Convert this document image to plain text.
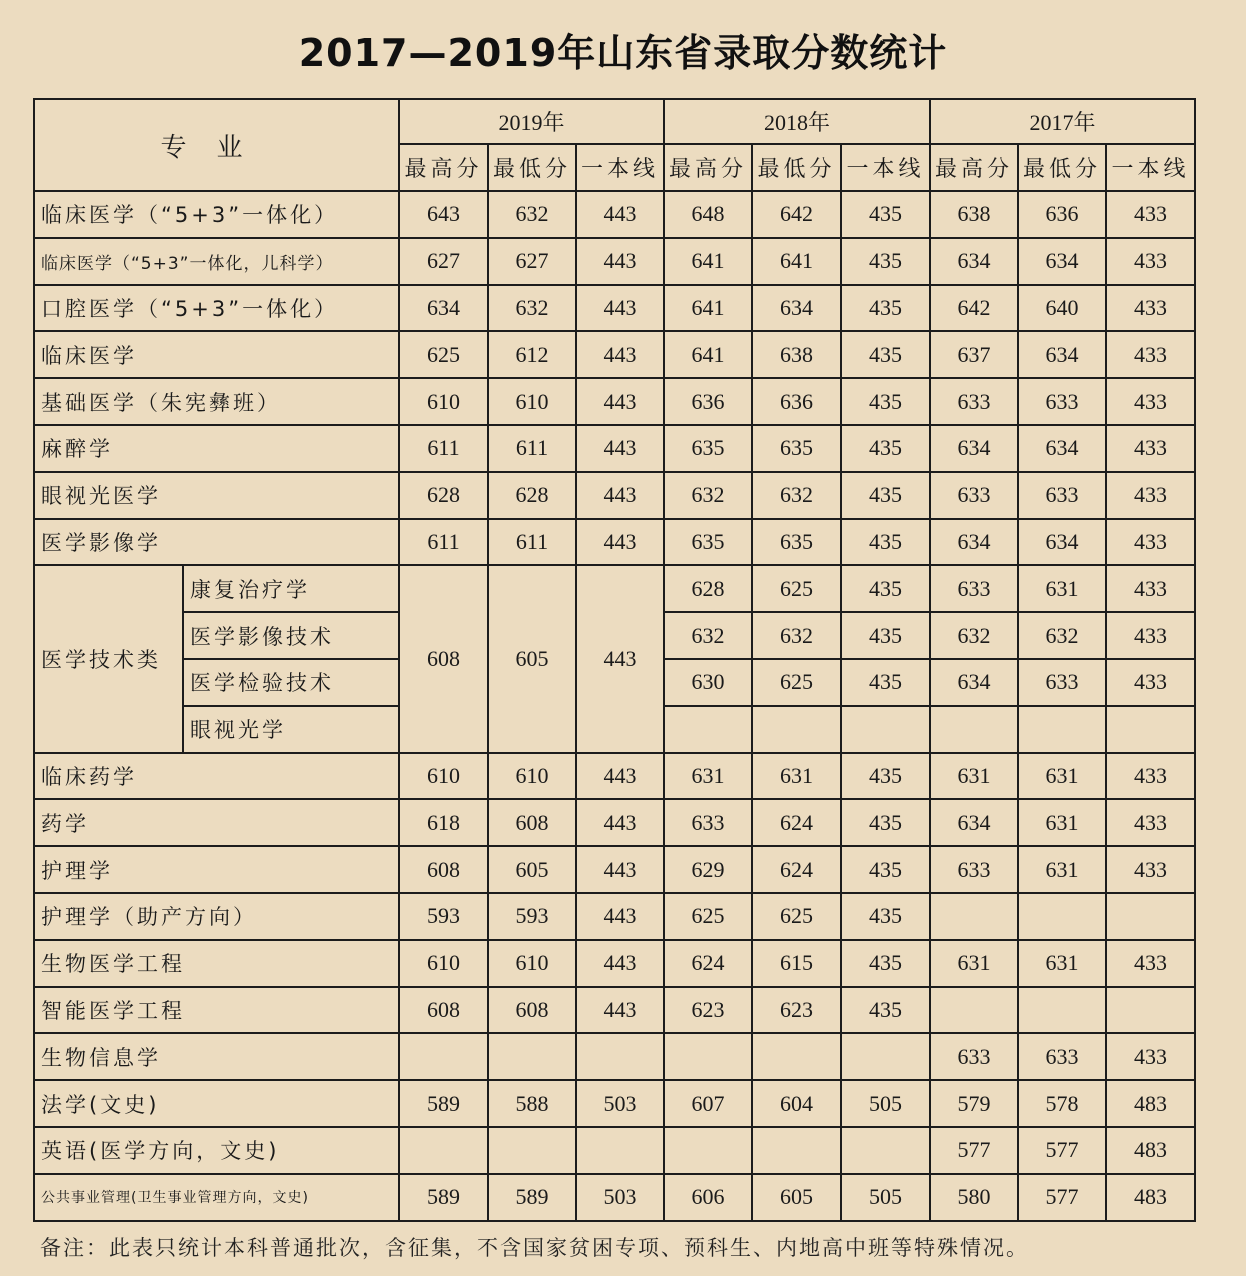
2017—2019年山东省录取分数统计
专业		2019年			2018年			2017年		
		最高分	最低分	一本线	最高分	最低分	一本线	最高分	最低分	一本线
临床医学（“5+3”一体化）		643	632	443	648	642	435	638	636	433
临床医学（“5+3”一体化，儿科学）		627	627	443	641	641	435	634	634	433
口腔医学（“5+3”一体化）		634	632	443	641	634	435	642	640	433
临床医学		625	612	443	641	638	435	637	634	433
基础医学（朱宪彝班）		610	610	443	636	636	435	633	633	433
麻醉学		611	611	443	635	635	435	634	634	433
眼视光医学		628	628	443	632	632	435	633	633	433
医学影像学		611	611	443	635	635	435	634	634	433
医学技术类	康复治疗学	608	605	443	628	625	435	633	631	433
	医学影像技术				632	632	435	632	632	433
	医学检验技术				630	625	435	634	633	433
	眼视光学									
临床药学		610	610	443	631	631	435	631	631	433
药学		618	608	443	633	624	435	634	631	433
护理学		608	605	443	629	624	435	633	631	433
护理学（助产方向）		593	593	443	625	625	435			
生物医学工程		610	610	443	624	615	435	631	631	433
智能医学工程		608	608	443	623	623	435			
生物信息学								633	633	433
法学(文史)		589	588	503	607	604	505	579	578	483
英语(医学方向，文史)								577	577	483
公共事业管理(卫生事业管理方向，文史)		589	589	503	606	605	505	580	577	483
备注：此表只统计本科普通批次，含征集，不含国家贫困专项、预科生、内地高中班等特殊情况。
